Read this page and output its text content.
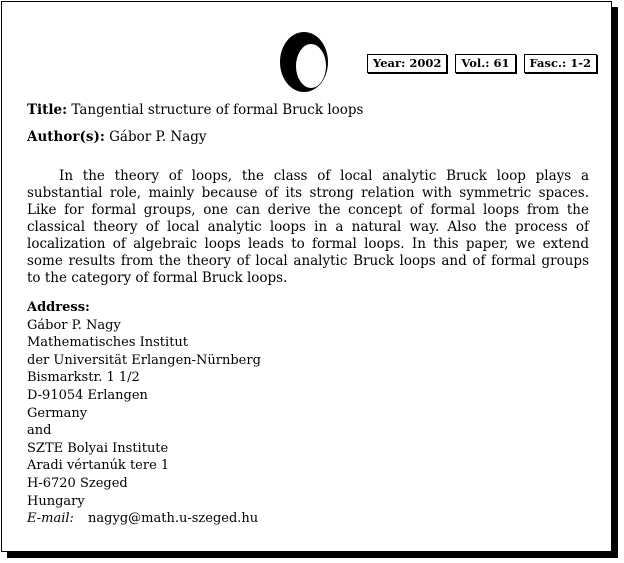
Year: 2002	Vol.: 61	Fasc.: 1-2
Title: Tangential structure of formal Bruck loops
Author(s): Gábor P. Nagy

In the theory of loops, the class of local analytic Bruck loop plays a substantial role, mainly because of its strong relation with symmetric spaces. Like for formal groups, one can derive the concept of formal loops from the classical theory of local analytic loops in a natural way. Also the process of localization of algebraic loops leads to formal loops. In this paper, we extend some results from the theory of local analytic Bruck loops and of formal groups to the category of formal Bruck loops.

Address:
Gábor P. Nagy
Mathematisches Institut
der Universität Erlangen-Nürnberg
Bismarkstr. 1 1/2
D-91054 Erlangen
Germany
and
SZTE Bolyai Institute
Aradi vértanúk tere 1
H-6720 Szeged
Hungary
E-mail: nagyg@math.u-szeged.hu
